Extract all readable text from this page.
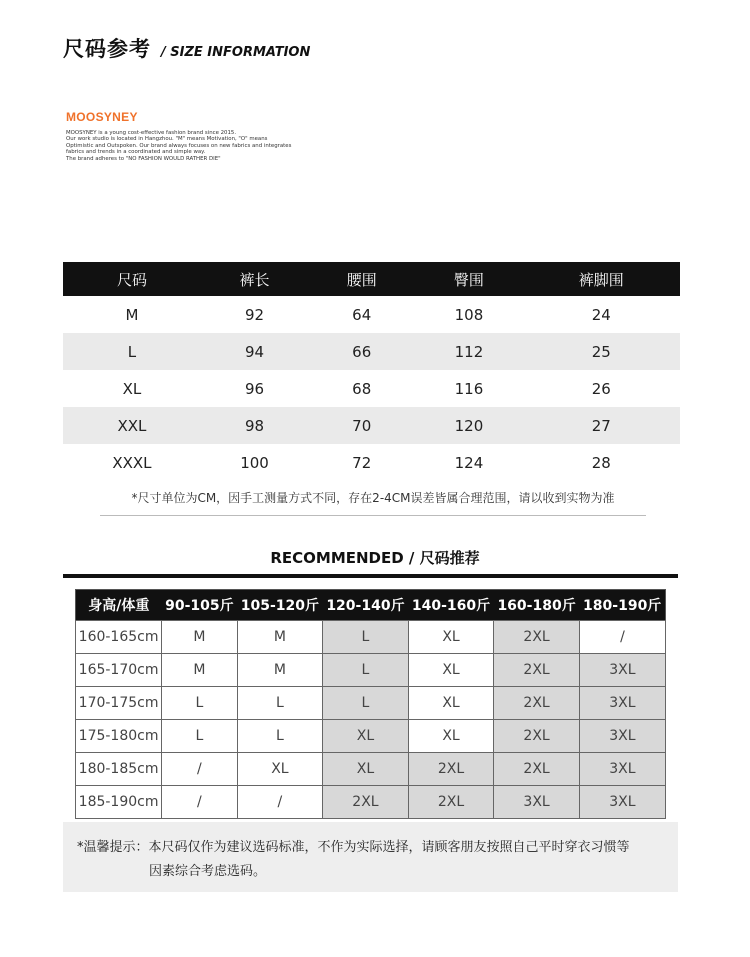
尺码参考 / SIZE INFORMATION
MOOSYNEY
MOOSYNEY is a young cost-effective fashion brand since 2015.
Our work studio is located in Hangzhou. "M" means Motivation, "O" means
Optimistic and Outspoken. Our brand always focuses on new fabrics and integrates
fabrics and trends in a coordinated and simple way.
The brand adheres to "NO FASHION WOULD RATHER DIE"
尺码	裤长	腰围	臀围	裤脚围
M	92	64	108	24
L	94	66	112	25
XL	96	68	116	26
XXL	98	70	120	27
XXXL	100	72	124	28
*尺寸单位为CM，因手工测量方式不同，存在2-4CM误差皆属合理范围，请以收到实物为准
RECOMMENDED / 尺码推荐
身高/体重	90-105斤	105-120斤	120-140斤	140-160斤	160-180斤	180-190斤
160-165cm	M	M	L	XL	2XL	/
165-170cm	M	M	L	XL	2XL	3XL
170-175cm	L	L	L	XL	2XL	3XL
175-180cm	L	L	XL	XL	2XL	3XL
180-185cm	/	XL	XL	2XL	2XL	3XL
185-190cm	/	/	2XL	2XL	3XL	3XL

*温馨提示：本尺码仅作为建议选码标准，不作为实际选择，请顾客朋友按照自己平时穿衣习惯等
因素综合考虑选码。
